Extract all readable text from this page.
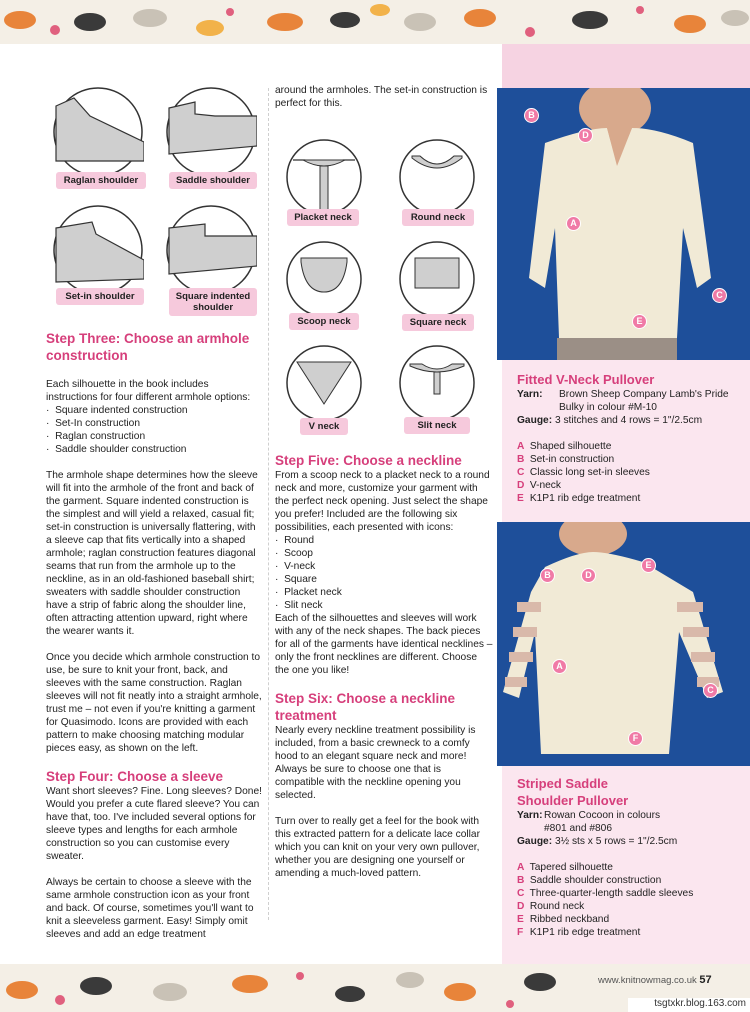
Raglan shoulder	Saddle shoulder
Set-in shoulder	Square indented shoulder
Step Three: Choose an armhole construction
Each silhouette in the book includes instructions for four different armhole options:
·  Square indented construction
·  Set-In construction
·  Raglan construction
·  Saddle shoulder construction

The armhole shape determines how the sleeve will fit into the armhole of the front and back of the garment. Square indented construction is the simplest and will yield a relaxed, casual fit; set-in construction is universally flattering, with a sleeve cap that fits vertically into a shaped armhole; raglan construction features diagonal seams that run from the armhole up to the neckline, as in an old-fashioned baseball shirt; sweaters with saddle shoulder construction have a strip of fabric along the shoulder line, often attracting attention upward, right where the wearer wants it.

Once you decide which armhole construction to use, be sure to knit your front, back, and sleeves with the same construction. Raglan sleeves will not fit neatly into a straight armhole, trust me – not even if you're knitting a garment for Quasimodo. Icons are provided with each pattern to make choosing matching modular pieces easy, as shown on the left.

Step Four: Choose a sleeve

Want short sleeves? Fine. Long sleeves? Done! Would you prefer a cute flared sleeve? You can have that, too. I've included several options for sleeve types and lengths for each armhole construction so you can customise every sweater.

Always be certain to choose a sleeve with the same armhole construction icon as your front and back. Of course, sometimes you'll want to knit a sleeveless garment. Easy! Simply omit sleeves and add an edge treatment

around the armholes. The set-in construction is perfect for this.
Placket neck	Round neck
Scoop neck	Square neck
V neck	Slit neck
Step Five: Choose a neckline
From a scoop neck to a placket neck to a round neck and more, customize your garment with the perfect neck opening. Just select the shape you prefer! Included are the following six possibilities, each presented with icons:
·  Round
·  Scoop
·  V-neck
·  Square
·  Placket neck
·  Slit neck

Each of the silhouettes and sleeves will work with any of the neck shapes. The back pieces for all of the garments have identical necklines – only the front necklines are different. Choose the one you like!

Step Six: Choose a neckline treatment

Nearly every neckline treatment possibility is included, from a basic crewneck to a comfy hood to an elegant square neck and more! Always be sure to choose one that is compatible with the neckline opening you selected.

Turn over to really get a feel for the book with this extracted pattern for a delicate lace collar which you can knit on your very own pullover, whether you are designing one yourself or amending a much-loved pattern.

B
D
A
C
E
Fitted V-Neck Pullover
Yarn:	Brown Sheep Company Lamb's Pride Bulky in colour #M-10
Gauge: 3 stitches and 4 rows = 1"/2.5cm
A Shaped silhouette
B Set-in construction
C Classic long set-in sleeves
D V-neck
E K1P1 rib edge treatment
B	D
E
A
C
F
Striped Saddle Shoulder Pullover
Yarn: Rowan Cocoon in colours #801 and #806
Gauge: 3½ sts x 5 rows = 1"/2.5cm
A Tapered silhouette
B Saddle shoulder construction
C Three-quarter-length saddle sleeves
D Round neck
E Ribbed neckband
F K1P1 rib edge treatment
www.knitnowmag.co.uk 57
tsgtxkr.blog.163.com
